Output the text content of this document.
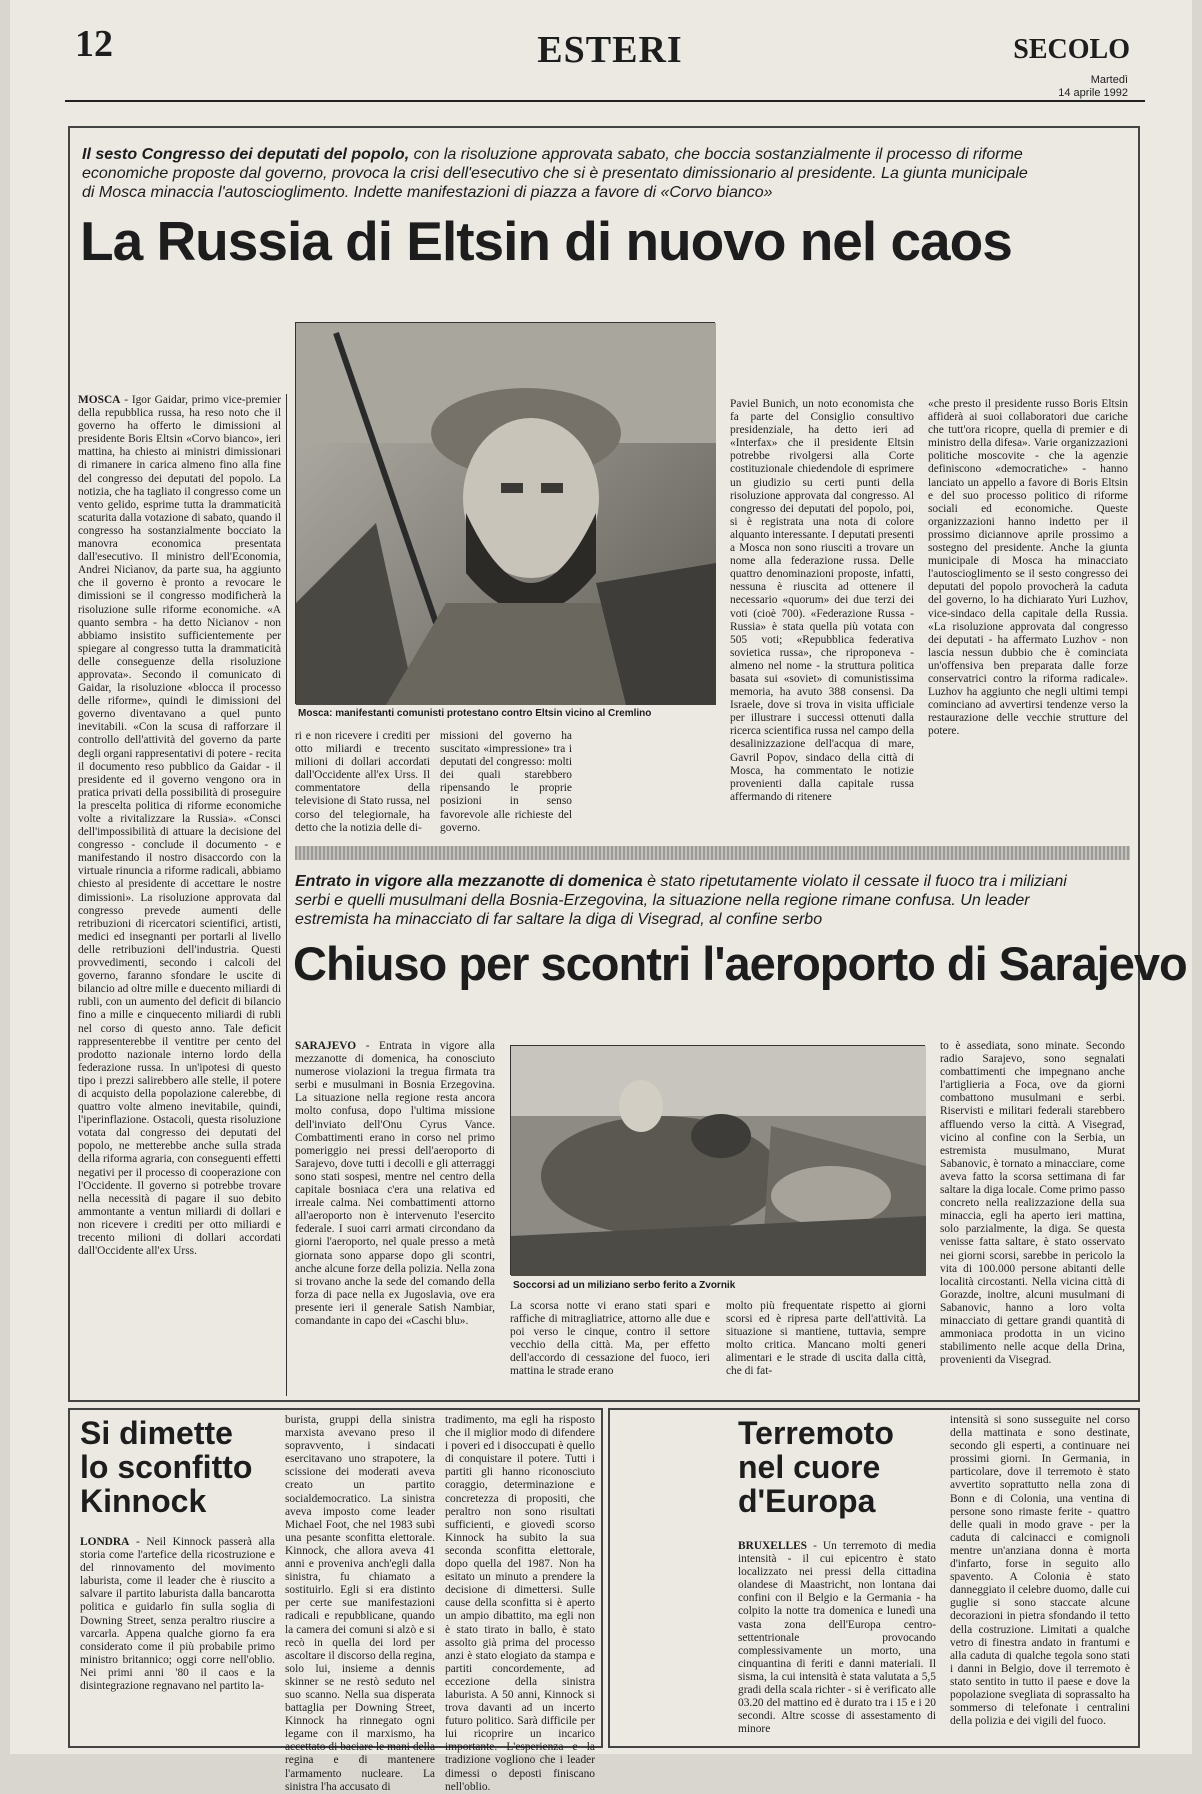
12	ESTERI	SECOLO
Martedì
14 aprile 1992
Il sesto Congresso dei deputati del popolo, con la risoluzione approvata sabato, che boccia sostanzialmente il processo di riforme economiche proposte dal governo, provoca la crisi dell'esecutivo che si è presentato dimissionario al presidente. La giunta municipale di Mosca minaccia l'autoscioglimento. Indette manifestazioni di piazza a favore di «Corvo bianco»
La Russia di Eltsin di nuovo nel caos
Mosca: manifestanti comunisti protestano contro Eltsin vicino al Cremlino

MOSCA - Igor Gaidar, primo vice-premier della repubblica russa, ha reso noto che il governo ha offerto le dimissioni al presidente Boris Eltsin «Corvo bianco», ieri mattina, ha chiesto ai ministri dimissionari di rimanere in carica almeno fino alla fine del congresso dei deputati del popolo. La notizia, che ha tagliato il congresso come un vento gelido, esprime tutta la drammaticità scaturita dalla votazione di sabato, quando il congresso ha sostanzialmente bocciato la manovra economica presentata dall'esecutivo. Il ministro dell'Economia, Andrei Nicìanov, da parte sua, ha aggiunto che il governo è pronto a revocare le dimissioni se il congresso modificherà la risoluzione sulle riforme economiche. «A quanto sembra - ha detto Nicìanov - non abbiamo insistito sufficientemente per spiegare al congresso tutta la drammaticità delle conseguenze della risoluzione approvata». Secondo il comunicato di Gaidar, la risoluzione «blocca il processo delle riforme», quindi le dimissioni del governo diventavano a quel punto inevitabili. «Con la scusa di rafforzare il controllo dell'attività del governo da parte degli organi rappresentativi di potere - recita il documento reso pubblico da Gaidar - il presidente ed il governo vengono ora in pratica privati della possibilità di proseguire la prescelta politica di riforme economiche volte a rivitalizzare la Russia». «Consci dell'impossibilità di attuare la decisione del congresso - conclude il documento - e manifestando il nostro disaccordo con la virtuale rinuncia a riforme radicali, abbiamo chiesto al presidente di accettare le nostre dimissioni». La risoluzione approvata dal congresso prevede aumenti delle retribuzioni di ricercatori scientifici, artisti, medici ed insegnanti per portarli al livello delle retribuzioni dell'industria. Questi provvedimenti, secondo i calcoli del governo, faranno sfondare le uscite di bilancio ad oltre mille e duecento miliardi di rubli, con un aumento del deficit di bilancio fino a mille e cinquecento miliardi di rubli nel corso di questo anno. Tale deficit rappresenterebbe il ventitre per cento del prodotto nazionale interno lordo della federazione russa. In un'ipotesi di questo tipo i prezzi salirebbero alle stelle, il potere di acquisto della popolazione calerebbe, di quattro volte almeno inevitabile, quindi, l'iperinflazione. Ostacoli, questa risoluzione votata dal congresso dei deputati del popolo, ne metterebbe anche sulla strada della riforma agraria, con conseguenti effetti negativi per il processo di cooperazione con l'Occidente. Il governo si potrebbe trovare nella necessità di pagare il suo debito ammontante a ventun miliardi di dollari e non ricevere i crediti per otto miliardi e trecento milioni di dollari accordati dall'Occidente all'ex Urss.

ri e non ricevere i crediti per otto miliardi e trecento milioni di dollari accordati dall'Occidente all'ex Urss. Il commentatore della televisione di Stato russa, nel corso del telegiornale, ha detto che la notizia delle di-

missioni del governo ha suscitato «impressione» tra i deputati del congresso: molti dei quali starebbero ripensando le proprie posizioni in senso favorevole alle richieste del governo.

Paviel Bunich, un noto economista che fa parte del Consiglio consultivo presidenziale, ha detto ieri ad «Interfax» che il presidente Eltsin potrebbe rivolgersi alla Corte costituzionale chiedendole di esprimere un giudizio su certi punti della risoluzione approvata dal congresso. Al congresso dei deputati del popolo, poi, si è registrata una nota di colore alquanto interessante. I deputati presenti a Mosca non sono riusciti a trovare un nome alla federazione russa. Delle quattro denominazioni proposte, infatti, nessuna è riuscita ad ottenere il necessario «quorum» dei due terzi dei voti (cioè 700). «Federazione Russa - Russia» è stata quella più votata con 505 voti; «Repubblica federativa sovietica russa», che riproponeva - almeno nel nome - la struttura politica basata sui «soviet» di comunistissima memoria, ha avuto 388 consensi. Da Israele, dove si trova in visita ufficiale per illustrare i successi ottenuti dalla ricerca scientifica russa nel campo della desalinizzazione dell'acqua di mare, Gavril Popov, sindaco della città di Mosca, ha commentato le notizie provenienti dalla capitale russa affermando di ritenere

«che presto il presidente russo Boris Eltsin affiderà ai suoi collaboratori due cariche che tutt'ora ricopre, quella di premier e di ministro della difesa». Varie organizzazioni politiche moscovite - che la agenzie definiscono «democratiche» - hanno lanciato un appello a favore di Boris Eltsin e del suo processo politico di riforme sociali ed economiche. Queste organizzazioni hanno indetto per il prossimo diciannove aprile prossimo a sostegno del presidente. Anche la giunta municipale di Mosca ha minacciato l'autoscioglimento se il sesto congresso dei deputati del popolo provocherà la caduta del governo, lo ha dichiarato Yuri Luzhov, vice-sindaco della capitale della Russia. «La risoluzione approvata dal congresso dei deputati - ha affermato Luzhov - non lascia nessun dubbio che è cominciata un'offensiva ben preparata dalle forze conservatrici contro la riforma radicale». Luzhov ha aggiunto che negli ultimi tempi cominciano ad avvertirsi tendenze verso la restaurazione delle vecchie strutture del potere.

Entrato in vigore alla mezzanotte di domenica è stato ripetutamente violato il cessate il fuoco tra i miliziani serbi e quelli musulmani della Bosnia-Erzegovina, la situazione nella regione rimane confusa. Un leader estremista ha minacciato di far saltare la diga di Visegrad, al confine serbo
Chiuso per scontri l'aeroporto di Sarajevo

SARAJEVO - Entrata in vigore alla mezzanotte di domenica, ha conosciuto numerose violazioni la tregua firmata tra serbi e musulmani in Bosnia Erzegovina. La situazione nella regione resta ancora molto confusa, dopo l'ultima missione dell'inviato dell'Onu Cyrus Vance. Combattimenti erano in corso nel primo pomeriggio nei pressi dell'aeroporto di Sarajevo, dove tutti i decolli e gli atterraggi sono stati sospesi, mentre nel centro della capitale bosniaca c'era una relativa ed irreale calma. Nei combattimenti attorno all'aeroporto non è intervenuto l'esercito federale. I suoi carri armati circondano da giorni l'aeroporto, nel quale presso a metà giornata sono apparse dopo gli scontri, anche alcune forze della polizia. Nella zona si trovano anche la sede del comando della forza di pace nella ex Jugoslavia, ove era presente ieri il generale Satish Nambiar, comandante in capo dei «Caschi blu».

Soccorsi ad un miliziano serbo ferito a Zvornik

La scorsa notte vi erano stati spari e raffiche di mitragliatrice, attorno alle due e poi verso le cinque, contro il settore vecchio della città. Ma, per effetto dell'accordo di cessazione del fuoco, ieri mattina le strade erano

molto più frequentate rispetto ai giorni scorsi ed è ripresa parte dell'attività. La situazione si mantiene, tuttavia, sempre molto critica. Mancano molti generi alimentari e le strade di uscita dalla città, che di fat-

to è assediata, sono minate. Secondo radio Sarajevo, sono segnalati combattimenti che impegnano anche l'artiglieria a Foca, ove da giorni combattono musulmani e serbi. Riservisti e militari federali starebbero affluendo verso la città. A Visegrad, vicino al confine con la Serbia, un estremista musulmano, Murat Sabanovic, è tornato a minacciare, come aveva fatto la scorsa settimana di far saltare la diga locale. Come primo passo concreto nella realizzazione della sua minaccia, egli ha aperto ieri mattina, solo parzialmente, la diga. Se questa venisse fatta saltare, è stato osservato nei giorni scorsi, sarebbe in pericolo la vita di 100.000 persone abitanti delle località circostanti. Nella vicina città di Gorazde, inoltre, alcuni musulmani di Sabanovic, hanno a loro volta minacciato di gettare grandi quantità di ammoniaca prodotta in un vicino stabilimento nelle acque della Drina, provenienti da Visegrad.

Si dimette
lo sconfitto
Kinnock

LONDRA - Neil Kinnock passerà alla storia come l'artefice della ricostruzione e del rinnovamento del movimento laburista, come il leader che è riuscito a salvare il partito laburista dalla bancarotta politica e guidarlo fin sulla soglia di Downing Street, senza peraltro riuscire a varcarla. Appena qualche giorno fa era considerato come il più probabile primo ministro britannico; oggi corre nell'oblio. Nei primi anni '80 il caos e la disintegrazione regnavano nel partito la-

burista, gruppi della sinistra marxista avevano preso il sopravvento, i sindacati esercitavano uno strapotere, la scissione dei moderati aveva creato un partito socialdemocratico. La sinistra aveva imposto come leader Michael Foot, che nel 1983 subì una pesante sconfitta elettorale. Kinnock, che allora aveva 41 anni e proveniva anch'egli dalla sinistra, fu chiamato a sostituirlo. Egli si era distinto per certe sue manifestazioni radicali e repubblicane, quando la camera dei comuni si alzò e si recò in quella dei lord per ascoltare il discorso della regina, solo lui, insieme a dennis skinner se ne restò seduto nel suo scanno. Nella sua disperata battaglia per Downing Street, Kinnock ha rinnegato ogni legame con il marxismo, ha accettato di baciare le mani della regina e di mantenere l'armamento nucleare. La sinistra l'ha accusato di

tradimento, ma egli ha risposto che il miglior modo di difendere i poveri ed i disoccupati è quello di conquistare il potere. Tutti i partiti gli hanno riconosciuto coraggio, determinazione e concretezza di propositi, che peraltro non sono risultati sufficienti, e giovedì scorso Kinnock ha subito la sua seconda sconfitta elettorale, dopo quella del 1987. Non ha esitato un minuto a prendere la decisione di dimettersi. Sulle cause della sconfitta si è aperto un ampio dibattito, ma egli non è stato tirato in ballo, è stato assolto già prima del processo anzi è stato elogiato da stampa e partiti concordemente, ad eccezione della sinistra laburista. A 50 anni, Kinnock si trova davanti ad un incerto futuro politico. Sarà difficile per lui ricoprire un incarico importante. L'esperienza e la tradizione vogliono che i leader dimessi o deposti finiscano nell'oblio.

Terremoto
nel cuore
d'Europa

BRUXELLES - Un terremoto di media intensità - il cui epicentro è stato localizzato nei pressi della cittadina olandese di Maastricht, non lontana dai confini con il Belgio e la Germania - ha colpito la notte tra domenica e lunedì una vasta zona dell'Europa centro-settentrionale provocando complessivamente un morto, una cinquantina di feriti e danni materiali. Il sisma, la cui intensità è stata valutata a 5,5 gradi della scala richter - si è verificato alle 03.20 del mattino ed è durato tra i 15 e i 20 secondi. Altre scosse di assestamento di minore

intensità si sono susseguite nel corso della mattinata e sono destinate, secondo gli esperti, a continuare nei prossimi giorni. In Germania, in particolare, dove il terremoto è stato avvertito soprattutto nella zona di Bonn e di Colonia, una ventina di persone sono rimaste ferite - quattro delle quali in modo grave - per la caduta di calcinacci e comignoli mentre un'anziana donna è morta d'infarto, forse in seguito allo spavento. A Colonia è stato danneggiato il celebre duomo, dalle cui guglie si sono staccate alcune decorazioni in pietra sfondando il tetto della costruzione. Limitati a qualche vetro di finestra andato in frantumi e alla caduta di qualche tegola sono stati i danni in Belgio, dove il terremoto è stato sentito in tutto il paese e dove la popolazione svegliata di soprassalto ha sommerso di telefonate i centralini della polizia e dei vigili del fuoco.
